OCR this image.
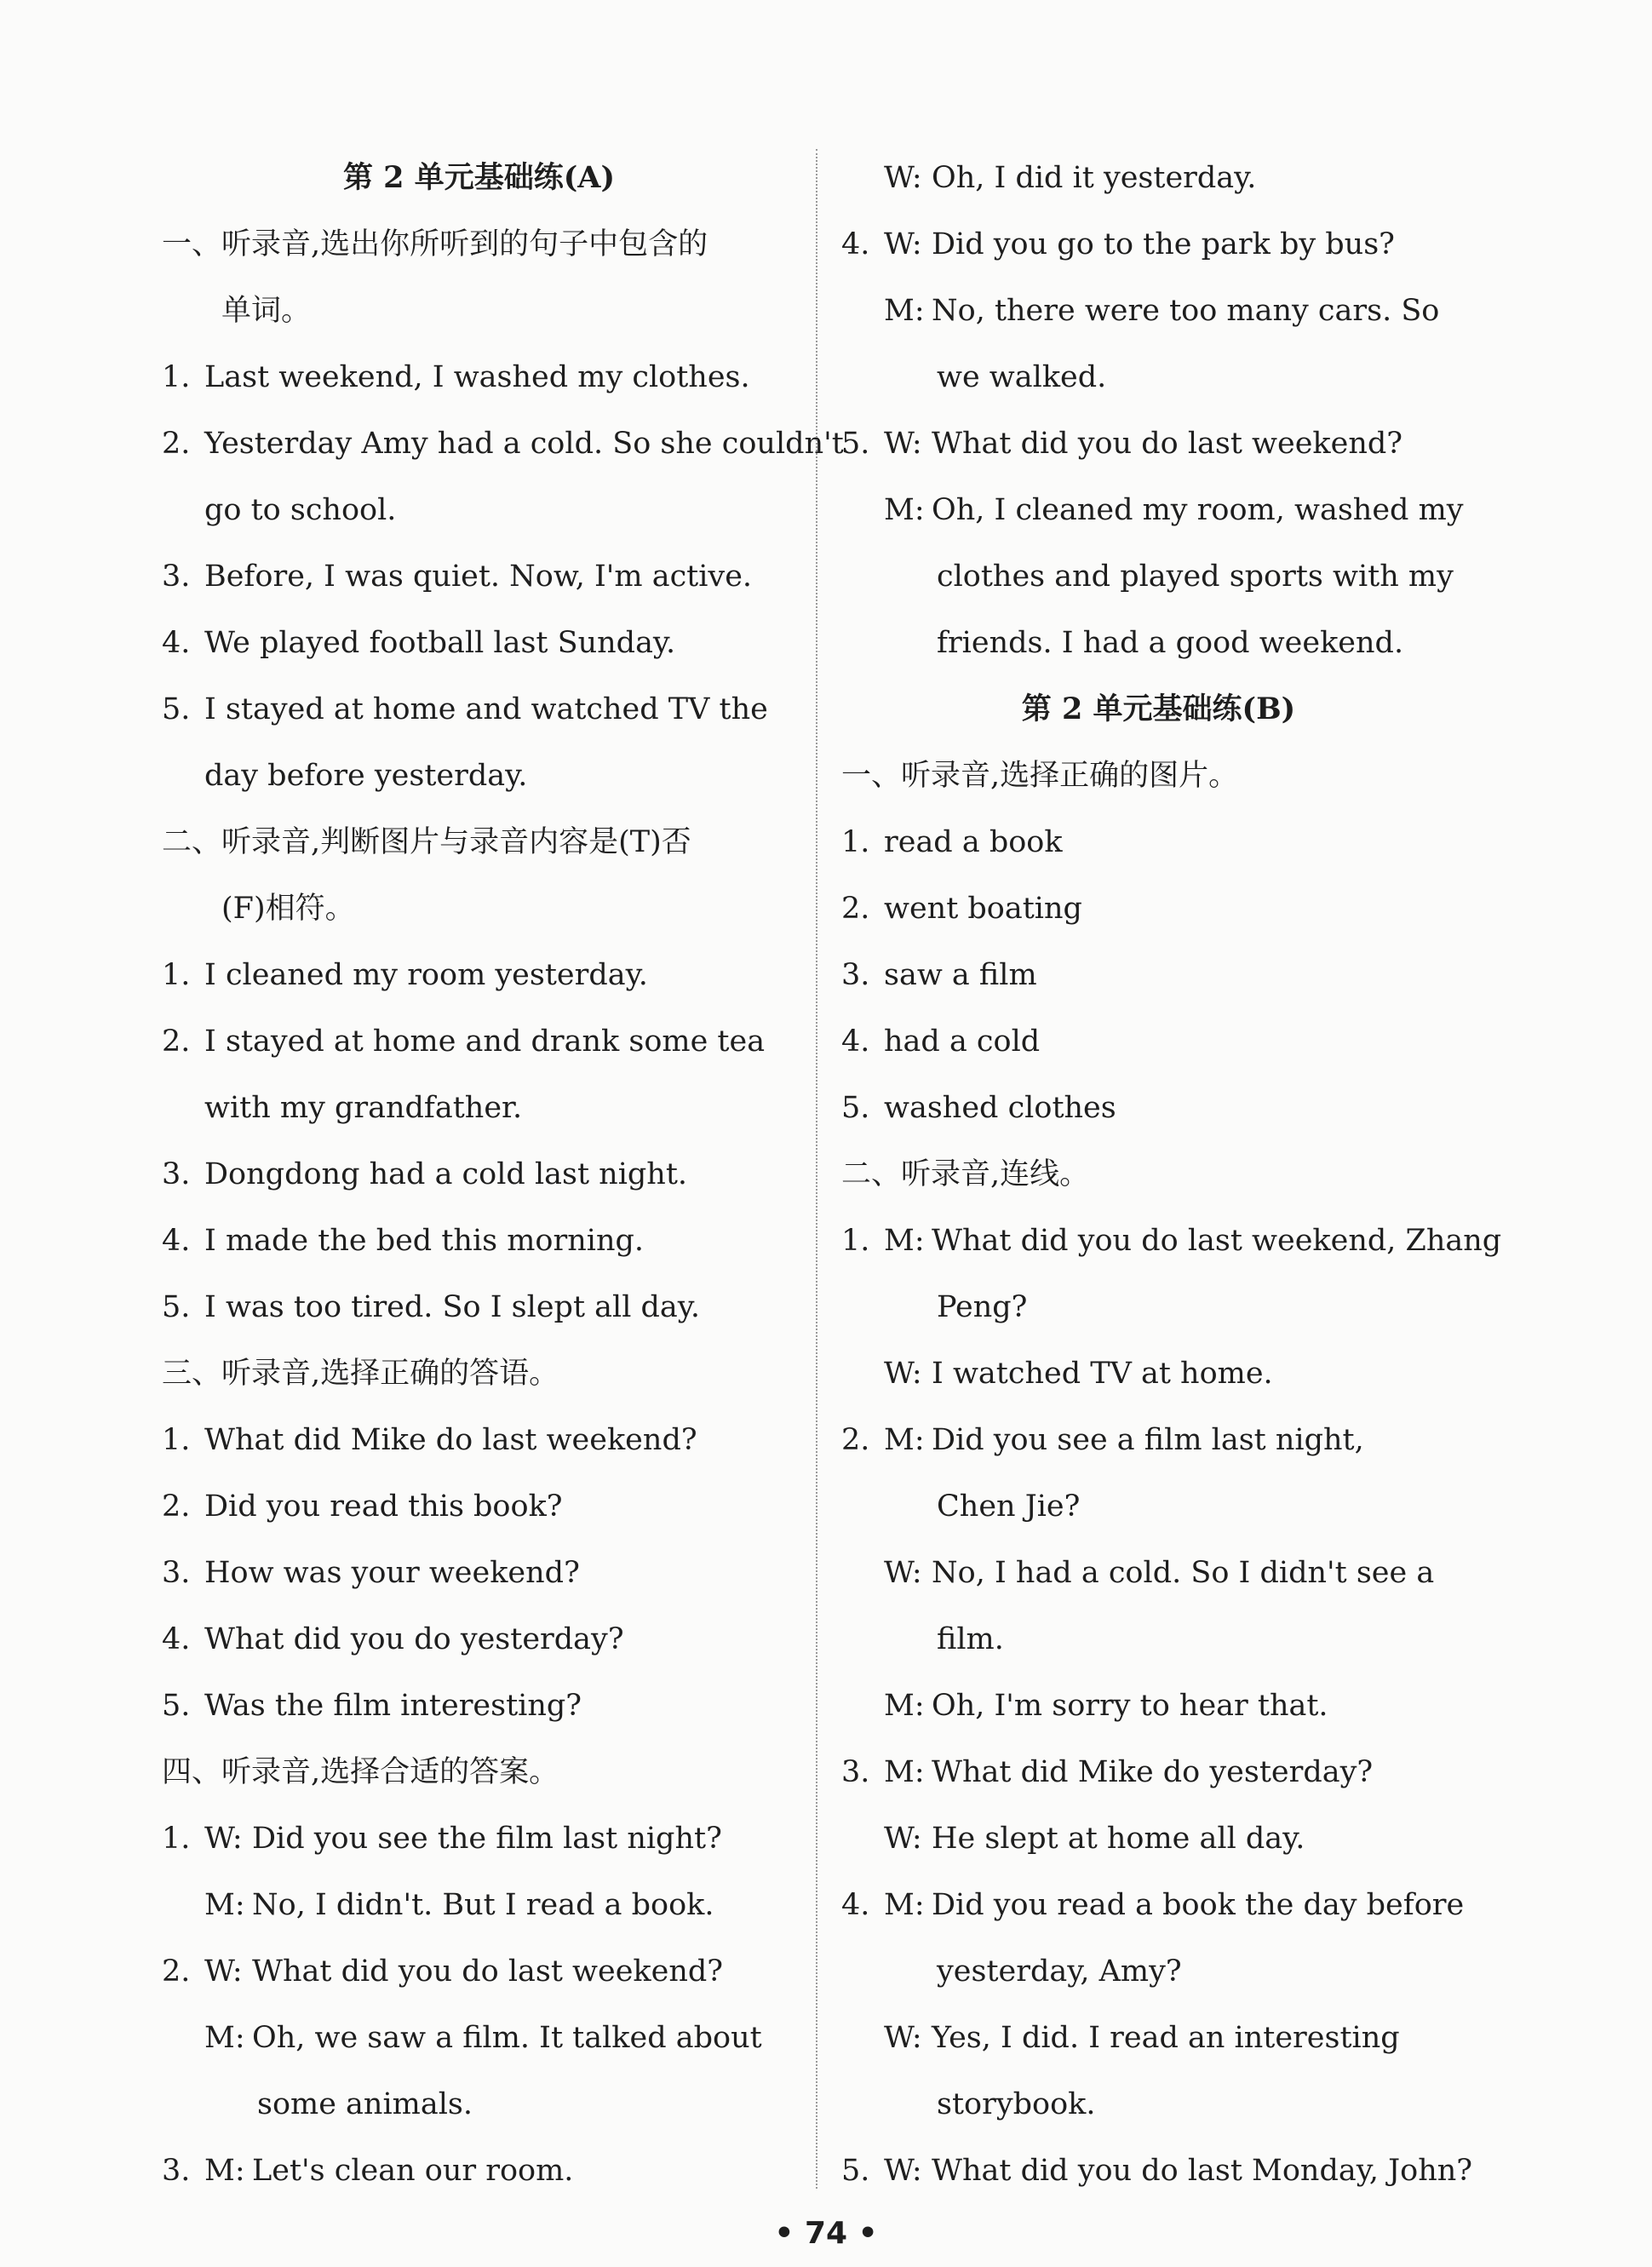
第 2 单元基础练(A)
一、听录音,选出你所听到的句子中包含的
单词。
1. Last weekend, I washed my clothes.
2. Yesterday Amy had a cold. So she couldn't
go to school.
3. Before, I was quiet. Now, I'm active.
4. We played football last Sunday.
5. I stayed at home and watched TV the
day before yesterday.
二、听录音,判断图片与录音内容是(T)否
(F)相符。
1. I cleaned my room yesterday.
2. I stayed at home and drank some tea
with my grandfather.
3. Dongdong had a cold last night.
4. I made the bed this morning.
5. I was too tired. So I slept all day.
三、听录音,选择正确的答语。
1. What did Mike do last weekend?
2. Did you read this book?
3. How was your weekend?
4. What did you do yesterday?
5. Was the film interesting?
四、听录音,选择合适的答案。
1. W: Did you see the film last night?
M: No, I didn't. But I read a book.
2. W: What did you do last weekend?
M: Oh, we saw a film. It talked about
some animals.
3. M: Let's clean our room.
W: Oh, I did it yesterday.
4. W: Did you go to the park by bus?
M: No, there were too many cars. So
we walked.
5. W: What did you do last weekend?
M: Oh, I cleaned my room, washed my
clothes and played sports with my
friends. I had a good weekend.
第 2 单元基础练(B)
一、听录音,选择正确的图片。
1. read a book
2. went boating
3. saw a film
4. had a cold
5. washed clothes
二、听录音,连线。
1. M: What did you do last weekend, Zhang
Peng?
W: I watched TV at home.
2. M: Did you see a film last night,
Chen Jie?
W: No, I had a cold. So I didn't see a
film.
M: Oh, I'm sorry to hear that.
3. M: What did Mike do yesterday?
W: He slept at home all day.
4. M: Did you read a book the day before
yesterday, Amy?
W: Yes, I did. I read an interesting
storybook.
5. W: What did you do last Monday, John?
• 74 •
